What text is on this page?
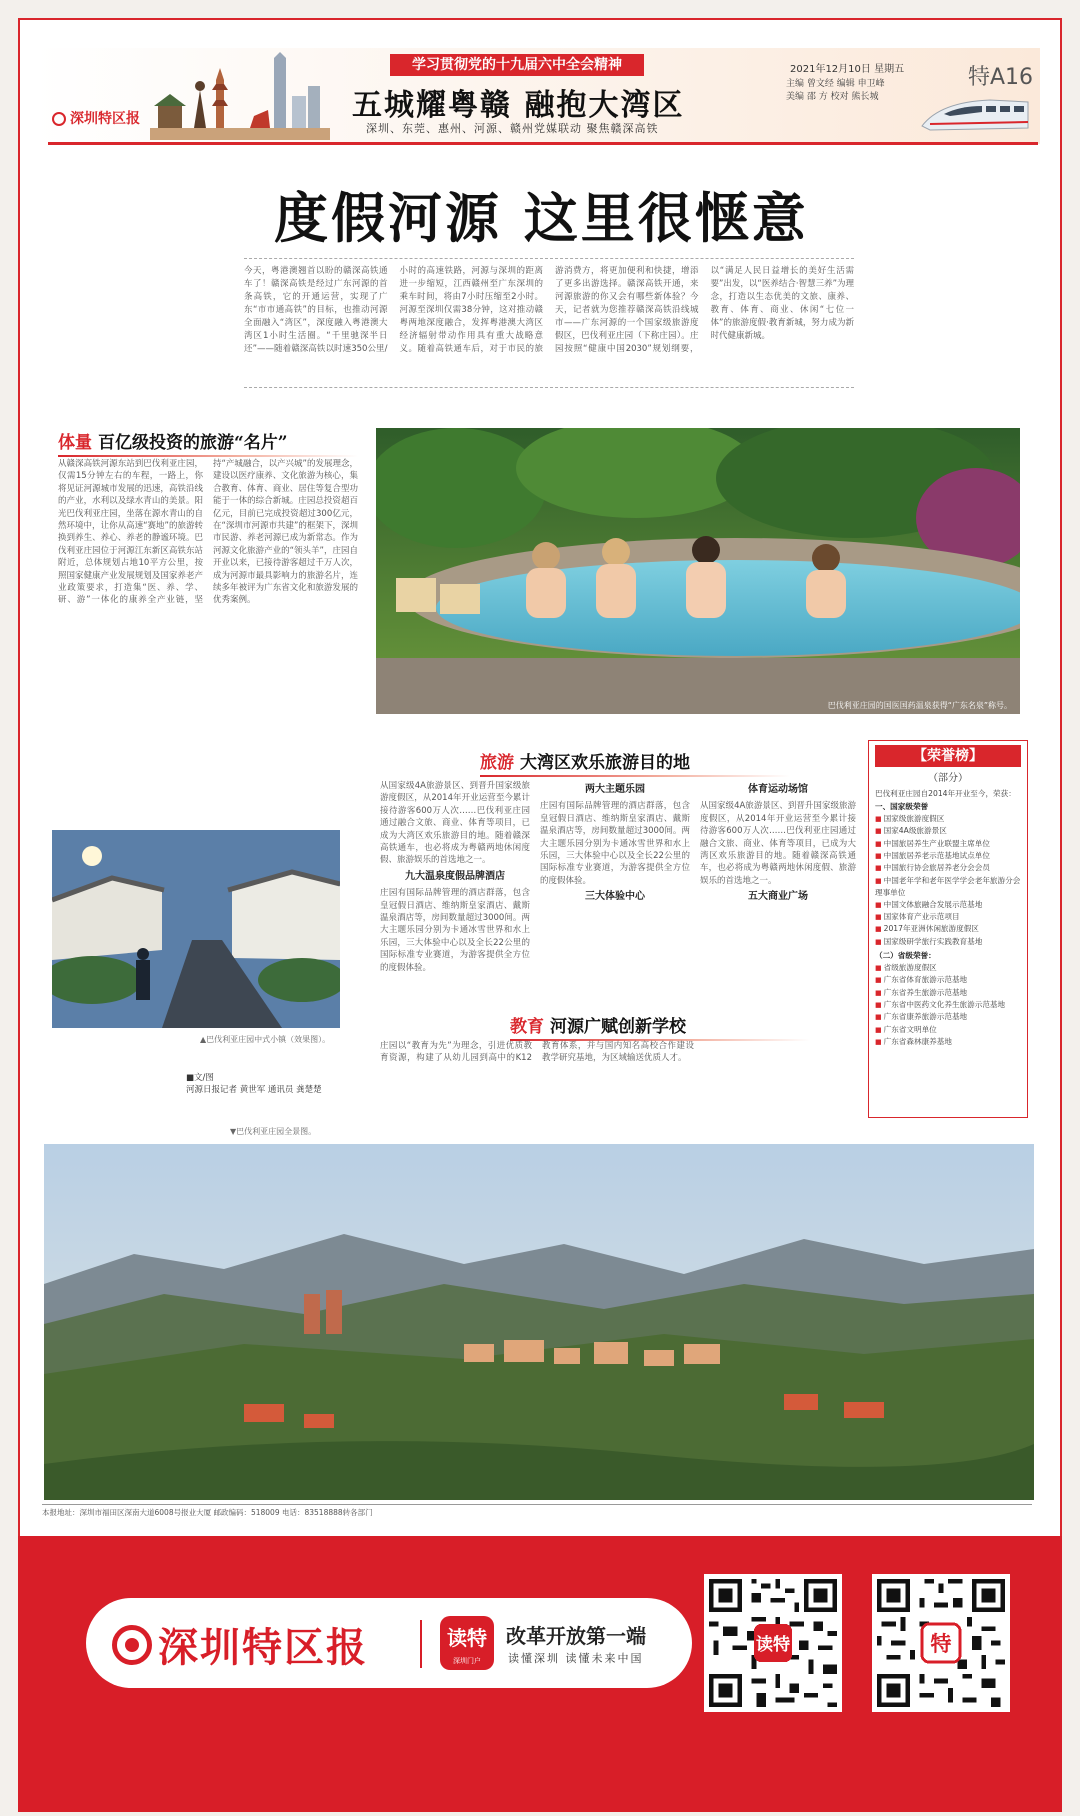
深圳特区报
学习贯彻党的十九届六中全会精神
五城耀粤赣 融抱大湾区
深圳、东莞、惠州、河源、赣州党媒联动 聚焦赣深高铁
2021年12月10日 星期五
主编 曾文经 编辑 申卫峰
美编 邵 方 校对 熊长城
特A16
度假河源 这里很惬意
今天，粤港澳翘首以盼的赣深高铁通车了！赣深高铁是经过广东河源的首条高铁，它的开通运营，实现了广东“市市通高铁”的目标，也推动河源全面融入“湾区”，深度融入粤港澳大湾区1小时生活圈。“千里驰深半日还”——随着赣深高铁以时速350公里/小时的高速铁路，河源与深圳的距离进一步缩短，江西赣州至广东深圳的乘车时间，将由7小时压缩至2小时。河源至深圳仅需38分钟，这对推动赣粤两地深度融合，发挥粤港澳大湾区经济辐射带动作用具有重大战略意义。随着高铁通车后，对于市民的旅游消费方，将更加便利和快捷，增添了更多出游选择。赣深高铁开通，来河源旅游的你又会有哪些新体验？今天，记者就为您推荐赣深高铁沿线城市——广东河源的一个国家级旅游度假区，巴伐利亚庄园（下称庄园）。庄园按照“健康中国2030”规划纲要，以“满足人民日益增长的美好生活需要”出发，以“医养结合·智慧三养”为理念，打造以生态优美的文旅、康养、教育、体育、商业、休闲“七位一体”的旅游度假·教育新城，努力成为新时代健康新城。
体量 百亿级投资的旅游“名片”
从赣深高铁河源东站到巴伐利亚庄园，仅需15分钟左右的车程，一路上，你将见证河源城市发展的迅速，高铁沿线的产业，水利以及绿水青山的美景。阳光巴伐利亚庄园，坐落在源水青山的自然环境中，让你从高速“赛地”的旅游转换到养生、养心、养老的静谧环境。巴伐利亚庄园位于河源江东新区高铁东站附近，总体规划占地10平方公里，按照国家健康产业发展规划及国家养老产业政策要求，打造集“医、养、学、研、游”一体化的康养全产业链，坚持“产城融合，以产兴城”的发展理念，建设以医疗康养、文化旅游为核心，集合教育、体育、商业、居住等复合型功能于一体的综合新城。庄园总投资超百亿元，目前已完成投资超过300亿元，在“深圳市河源市共建”的框架下，深圳市民游、养老河源已成为新常态。作为河源文化旅游产业的“领头羊”，庄园自开业以来，已接待游客超过千万人次，成为河源市最具影响力的旅游名片，连续多年被评为广东省文化和旅游发展的优秀案例。
巴伐利亚庄园的国医国药温泉获得“广东名泉”称号。
▲巴伐利亚庄园中式小镇（效果图）。
■文/图
河源日报记者 黄世军 通讯员 龚楚楚
旅游 大湾区欢乐旅游目的地
从国家级4A旅游景区、到晋升国家级旅游度假区，从2014年开业运营至今累计接待游客600万人次……巴伐利亚庄园通过融合文旅、商业、体育等项目，已成为大湾区欢乐旅游目的地。随着赣深高铁通车，也必将成为粤赣两地休闲度假、旅游娱乐的首选地之一。
九大温泉度假品牌酒店
庄园有国际品牌管理的酒店群落，包含皇冠假日酒店、维纳斯皇家酒店、戴斯温泉酒店等，房间数量超过3000间。两大主题乐园分别为卡通冰雪世界和水上乐园，三大体验中心以及全长22公里的国际标准专业赛道，为游客提供全方位的度假体验。
两大主题乐园
庄园有国际品牌管理的酒店群落，包含皇冠假日酒店、维纳斯皇家酒店、戴斯温泉酒店等，房间数量超过3000间。两大主题乐园分别为卡通冰雪世界和水上乐园，三大体验中心以及全长22公里的国际标准专业赛道，为游客提供全方位的度假体验。
三大体验中心
体育运动场馆
从国家级4A旅游景区、到晋升国家级旅游度假区，从2014年开业运营至今累计接待游客600万人次……巴伐利亚庄园通过融合文旅、商业、体育等项目，已成为大湾区欢乐旅游目的地。随着赣深高铁通车，也必将成为粤赣两地休闲度假、旅游娱乐的首选地之一。
五大商业广场
教育 河源广赋创新学校
庄园以“教育为先”为理念，引进优质教育资源，构建了从幼儿园到高中的K12教育体系，并与国内知名高校合作建设教学研究基地，为区域输送优质人才。
▼巴伐利亚庄园全景图。
【荣誉榜】
（部分）
巴伐利亚庄园自2014年开业至今，荣获：
一、国家级荣誉
■ 国家级旅游度假区
■ 国家4A级旅游景区
■ 中国旅居养生产业联盟主席单位
■ 中国旅居养老示范基地试点单位
■ 中国旅行协会旅居养老分会会员
■ 中国老年学和老年医学学会老年旅游分会理事单位
■ 中国文体旅融合发展示范基地
■ 国家体育产业示范项目
■ 2017年亚洲休闲旅游度假区
■ 国家级研学旅行实践教育基地
（二）省级荣誉：
■ 省级旅游度假区
■ 广东省体育旅游示范基地
■ 广东省养生旅游示范基地
■ 广东省中医药文化养生旅游示范基地
■ 广东省康养旅游示范基地
■ 广东省文明单位
■ 广东省森林康养基地
本报地址：深圳市福田区深南大道6008号报业大厦 邮政编码：518009 电话：83518888转各部门
深圳特区报	读特
深圳门户
改革开放第一端
读懂深圳 读懂未来中国
读特	特
